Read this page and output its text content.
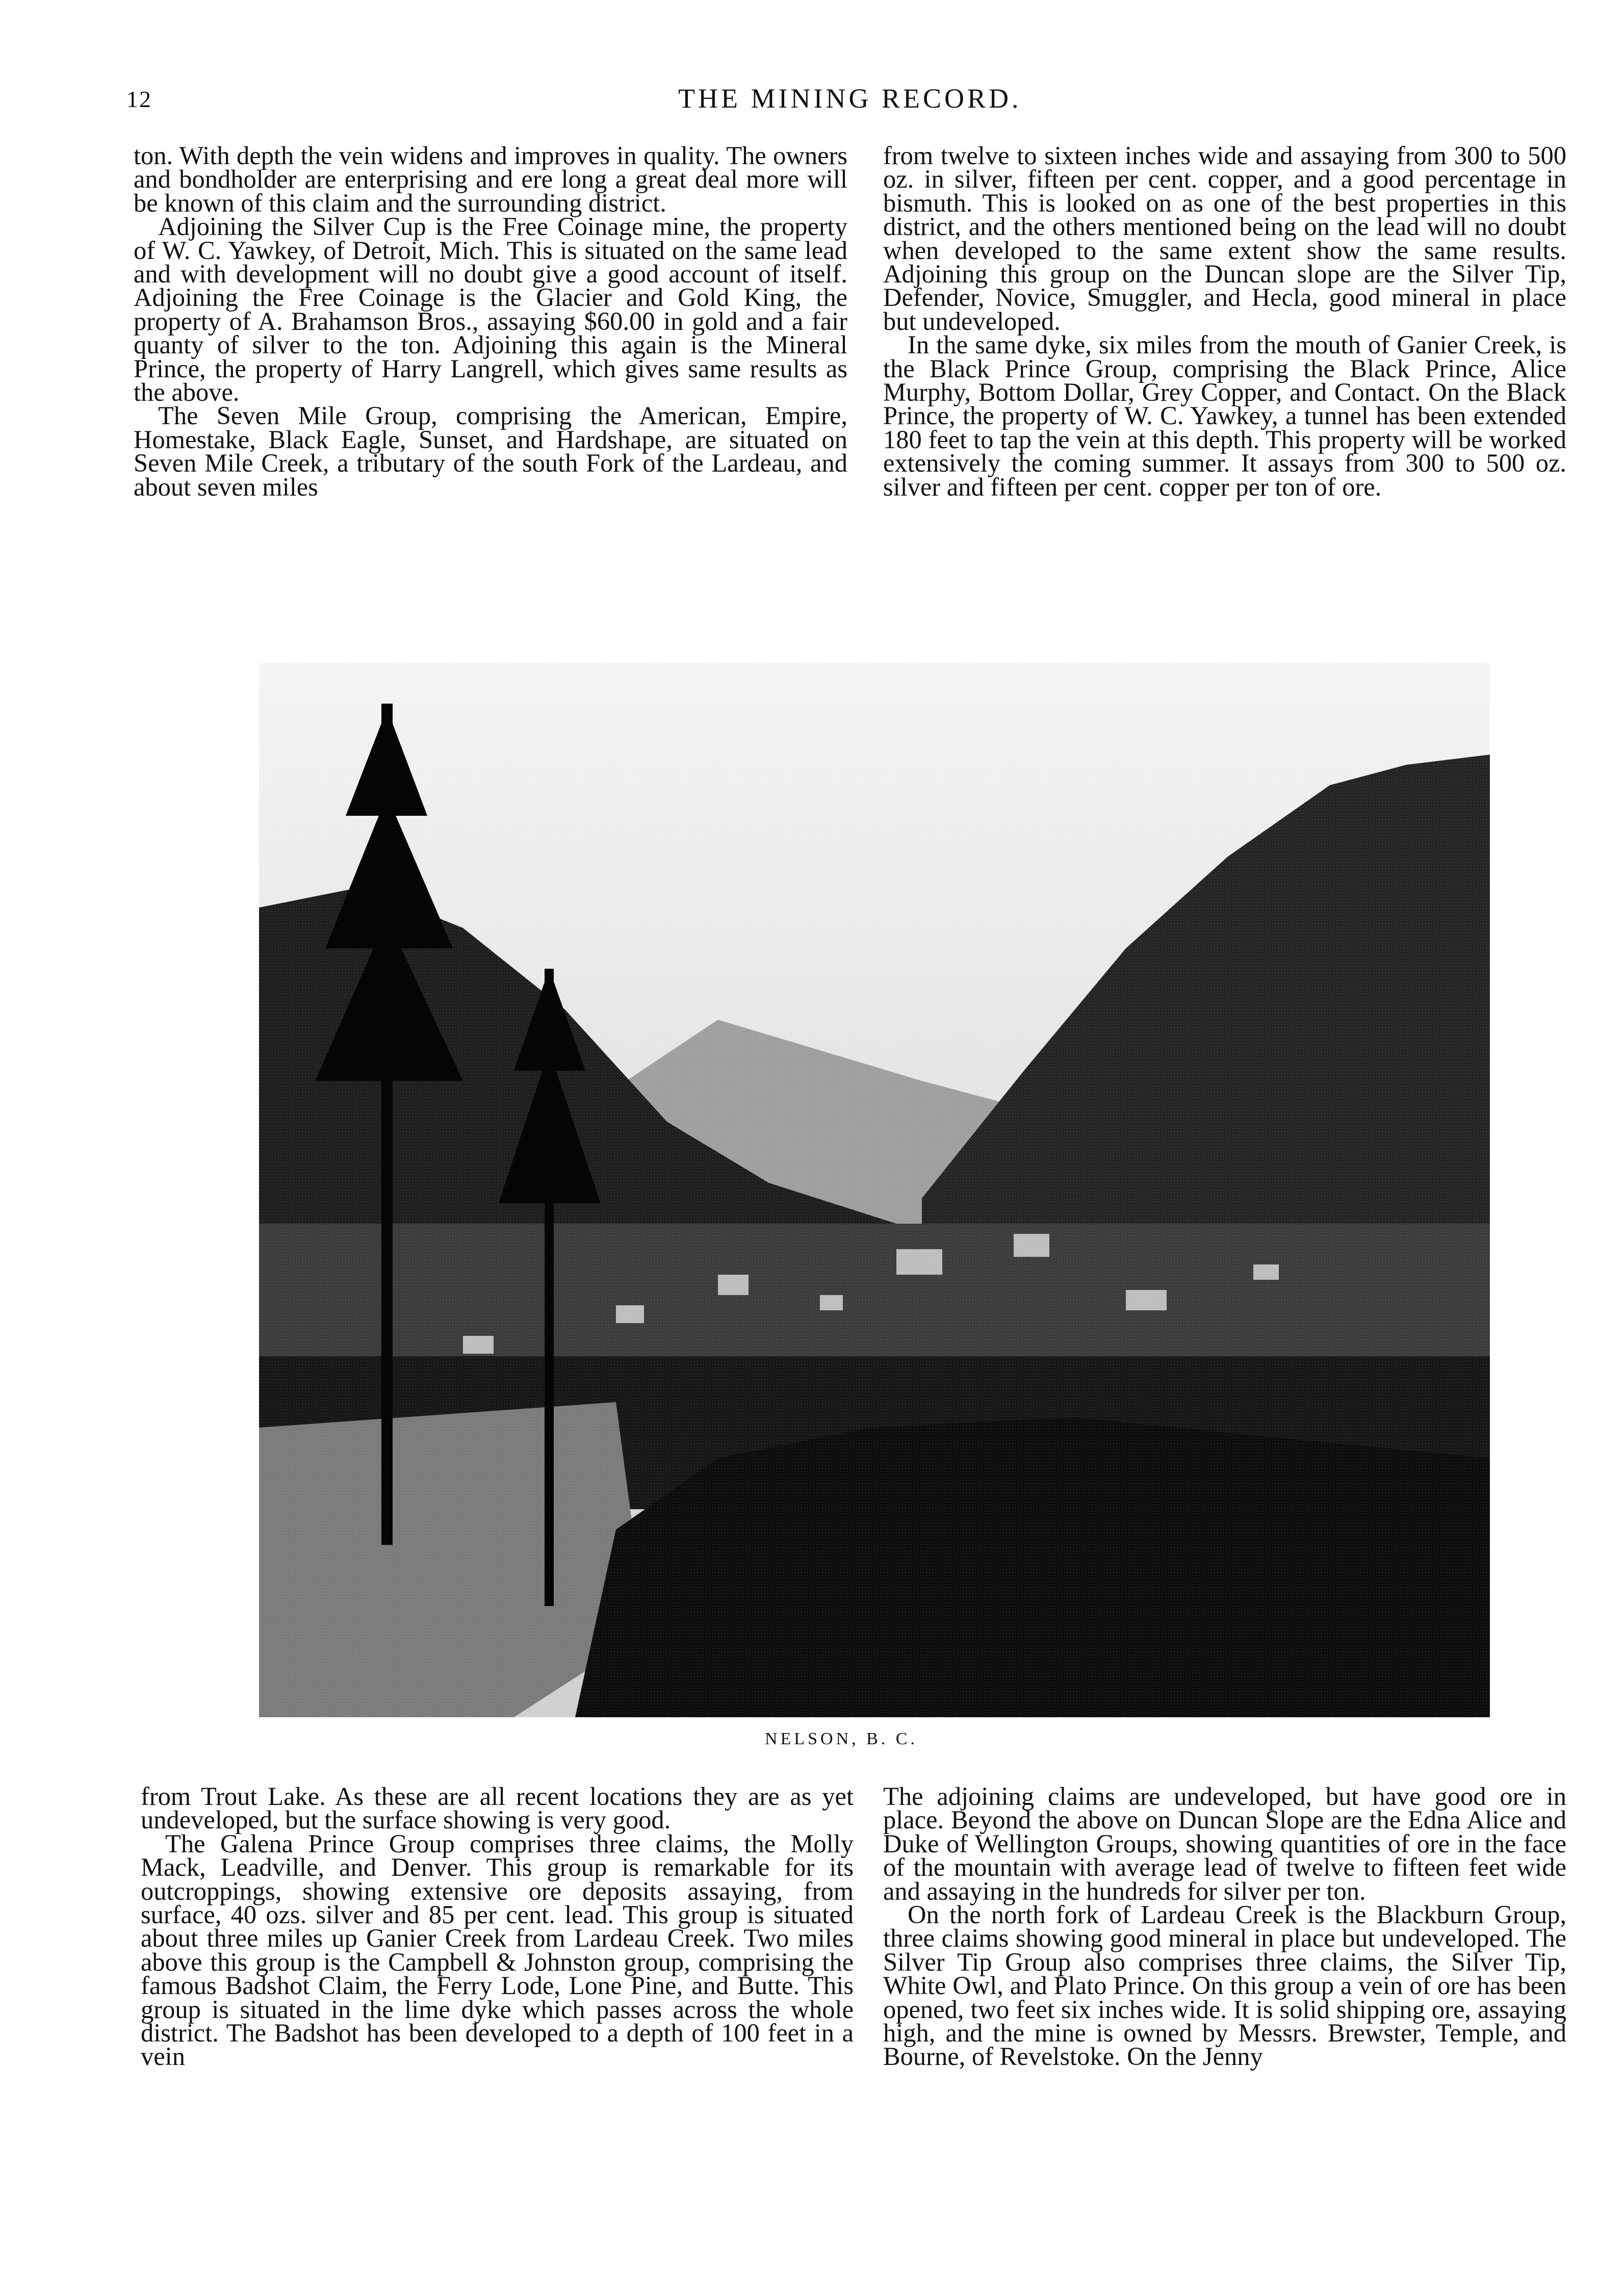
12	THE MINING RECORD.

ton. With depth the vein widens and improves in quality. The owners and bondholder are enterprising and ere long a great deal more will be known of this claim and the surrounding district.

Adjoining the Silver Cup is the Free Coinage mine, the property of W. C. Yawkey, of Detroit, Mich. This is situated on the same lead and with development will no doubt give a good account of itself. Adjoining the Free Coinage is the Glacier and Gold King, the property of A. Brahamson Bros., assaying $60.00 in gold and a fair quanty of silver to the ton. Adjoining this again is the Mineral Prince, the property of Harry Langrell, which gives same results as the above.

The Seven Mile Group, comprising the American, Empire, Homestake, Black Eagle, Sunset, and Hardshape, are situated on Seven Mile Creek, a tributary of the south Fork of the Lardeau, and about seven miles

from twelve to sixteen inches wide and assaying from 300 to 500 oz. in silver, fifteen per cent. copper, and a good percentage in bismuth. This is looked on as one of the best properties in this district, and the others mentioned being on the lead will no doubt when developed to the same extent show the same results. Adjoining this group on the Duncan slope are the Silver Tip, Defender, Novice, Smuggler, and Hecla, good mineral in place but undeveloped.

In the same dyke, six miles from the mouth of Ganier Creek, is the Black Prince Group, comprising the Black Prince, Alice Murphy, Bottom Dollar, Grey Copper, and Contact. On the Black Prince, the property of W. C. Yawkey, a tunnel has been extended 180 feet to tap the vein at this depth. This property will be worked extensively the coming summer. It assays from 300 to 500 oz. silver and fifteen per cent. copper per ton of ore.

NELSON, B. C.

from Trout Lake. As these are all recent locations they are as yet undeveloped, but the surface showing is very good.

The Galena Prince Group comprises three claims, the Molly Mack, Leadville, and Denver. This group is remarkable for its outcroppings, showing extensive ore deposits assaying, from surface, 40 ozs. silver and 85 per cent. lead. This group is situated about three miles up Ganier Creek from Lardeau Creek. Two miles above this group is the Campbell & Johnston group, comprising the famous Badshot Claim, the Ferry Lode, Lone Pine, and Butte. This group is situated in the lime dyke which passes across the whole district. The Badshot has been developed to a depth of 100 feet in a vein

The adjoining claims are undeveloped, but have good ore in place. Beyond the above on Duncan Slope are the Edna Alice and Duke of Wellington Groups, showing quantities of ore in the face of the mountain with average lead of twelve to fifteen feet wide and assaying in the hundreds for silver per ton.

On the north fork of Lardeau Creek is the Blackburn Group, three claims showing good mineral in place but undeveloped. The Silver Tip Group also comprises three claims, the Silver Tip, White Owl, and Plato Prince. On this group a vein of ore has been opened, two feet six inches wide. It is solid shipping ore, assaying high, and the mine is owned by Messrs. Brewster, Temple, and Bourne, of Revelstoke. On the Jenny
